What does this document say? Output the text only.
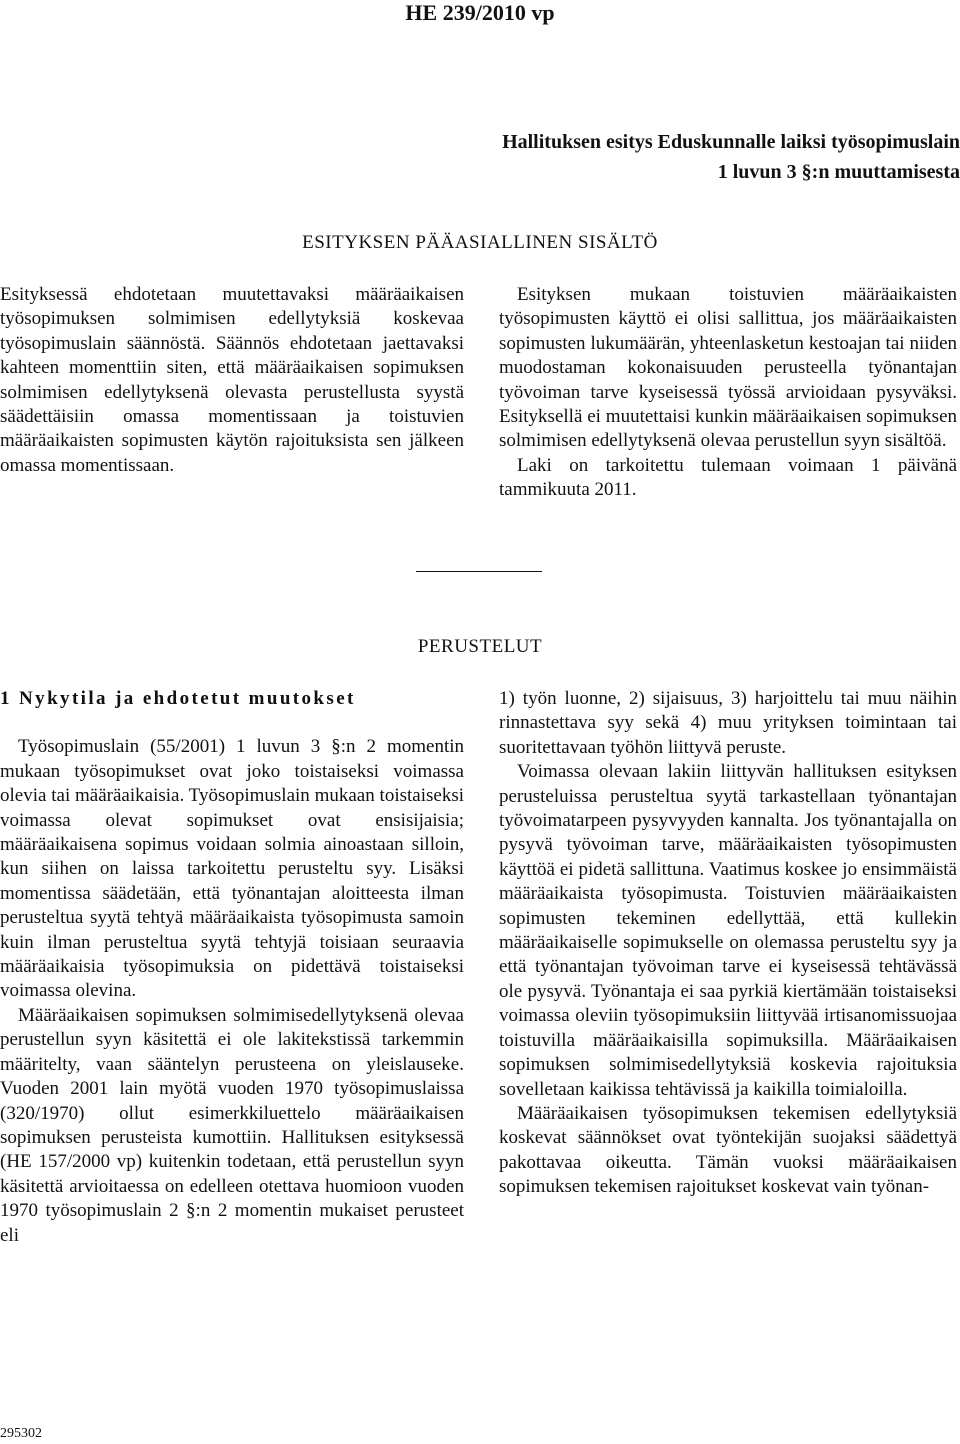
HE 239/2010 vp
Hallituksen esitys Eduskunnalle laiksi työsopimuslain
1 luvun 3 §:n muuttamisesta
ESITYKSEN PÄÄASIALLINEN SISÄLTÖ

Esityksessä ehdotetaan muutettavaksi määräaikaisen työsopimuksen solmimisen edellytyksiä koskevaa työsopimuslain säännöstä. Säännös ehdotetaan jaettavaksi kahteen momenttiin siten, että määräaikaisen sopimuksen solmimisen edellytyksenä olevasta perustellusta syystä säädettäisiin omassa momentissaan ja toistuvien määräaikaisten sopimusten käytön rajoituksista sen jälkeen omassa momentissaan.

Esityksen mukaan toistuvien määräaikaisten työsopimusten käyttö ei olisi sallittua, jos määräaikaisten sopimusten lukumäärän, yhteenlasketun kestoajan tai niiden muodostaman kokonaisuuden perusteella työnantajan työvoiman tarve kyseisessä työssä arvioidaan pysyväksi. Esityksellä ei muutettaisi kunkin määräaikaisen sopimuksen solmimisen edellytyksenä olevaa perustellun syyn sisältöä.

Laki on tarkoitettu tulemaan voimaan 1 päivänä tammikuuta 2011.

PERUSTELUT

1 Nykytila ja ehdotetut muutokset

Työsopimuslain (55/2001) 1 luvun 3 §:n 2 momentin mukaan työsopimukset ovat joko toistaiseksi voimassa olevia tai määräaikaisia. Työsopimuslain mukaan toistaiseksi voimassa olevat sopimukset ovat ensisijaisia; määräaikaisena sopimus voidaan solmia ainoastaan silloin, kun siihen on laissa tarkoitettu perusteltu syy. Lisäksi momentissa säädetään, että työnantajan aloitteesta ilman perusteltua syytä tehtyä määräaikaista työsopimusta samoin kuin ilman perusteltua syytä tehtyjä toisiaan seuraavia määräaikaisia työsopimuksia on pidettävä toistaiseksi voimassa olevina.

Määräaikaisen sopimuksen solmimisedellytyksenä olevaa perustellun syyn käsitettä ei ole lakitekstissä tarkemmin määritelty, vaan sääntelyn perusteena on yleislauseke. Vuoden 2001 lain myötä vuoden 1970 työsopimuslaissa (320/1970) ollut esimerkkiluettelo määräaikaisen sopimuksen perusteista kumottiin. Hallituksen esityksessä (HE 157/2000 vp) kuitenkin todetaan, että perustellun syyn käsitettä arvioitaessa on edelleen otettava huomioon vuoden 1970 työsopimuslain 2 §:n 2 momentin mukaiset perusteet eli

1) työn luonne, 2) sijaisuus, 3) harjoittelu tai muu näihin rinnastettava syy sekä 4) muu yrityksen toimintaan tai suoritettavaan työhön liittyvä peruste.

Voimassa olevaan lakiin liittyvän hallituksen esityksen perusteluissa perusteltua syytä tarkastellaan työnantajan työvoimatarpeen pysyvyyden kannalta. Jos työnantajalla on pysyvä työvoiman tarve, määräaikaisten työsopimusten käyttöä ei pidetä sallittuna. Vaatimus koskee jo ensimmäistä määräaikaista työsopimusta. Toistuvien määräaikaisten sopimusten tekeminen edellyttää, että kullekin määräaikaiselle sopimukselle on olemassa perusteltu syy ja että työnantajan työvoiman tarve ei kyseisessä tehtävässä ole pysyvä. Työnantaja ei saa pyrkiä kiertämään toistaiseksi voimassa oleviin työsopimuksiin liittyvää irtisanomissuojaa toistuvilla määräaikaisilla sopimuksilla. Määräaikaisen sopimuksen solmimisedellytyksiä koskevia rajoituksia sovelletaan kaikissa tehtävissä ja kaikilla toimialoilla.

Määräaikaisen työsopimuksen tekemisen edellytyksiä koskevat säännökset ovat työntekijän suojaksi säädettyä pakottavaa oikeutta. Tämän vuoksi määräaikaisen sopimuksen tekemisen rajoitukset koskevat vain työnan-

295302
